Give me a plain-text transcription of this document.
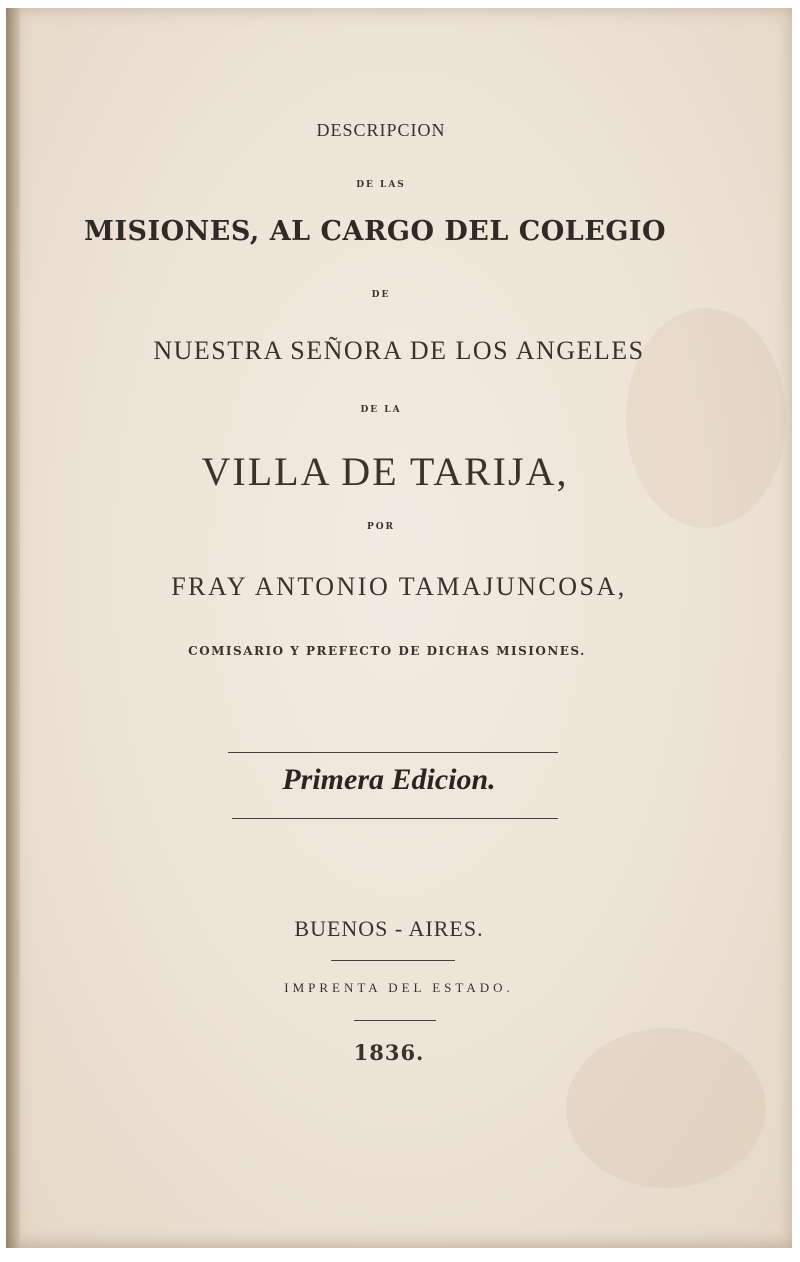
DESCRIPCION
DE LAS
MISIONES, AL CARGO DEL COLEGIO
DE
NUESTRA SEÑORA DE LOS ANGELES
DE LA
VILLA DE TARIJA,
POR
FRAY ANTONIO TAMAJUNCOSA,
COMISARIO Y PREFECTO DE DICHAS MISIONES.
Primera Edicion.
BUENOS - AIRES.
IMPRENTA DEL ESTADO.
1836.
